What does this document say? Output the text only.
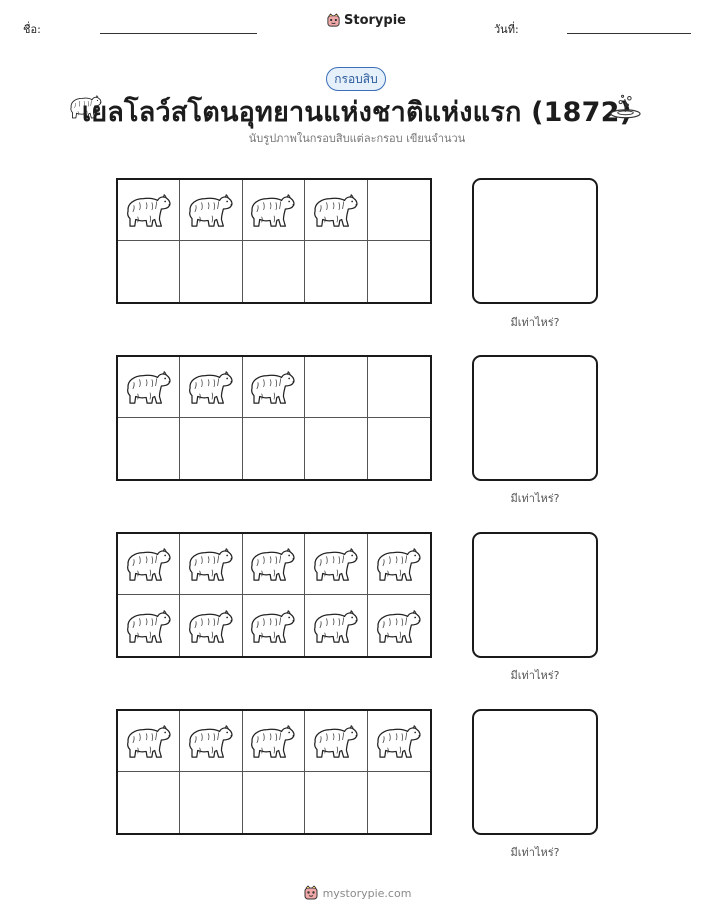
ชื่อ:
Storypie
วันที่:
กรอบสิบ
เยลโลว์สโตนอุทยานแห่งชาติแห่งแรก (1872)
นับรูปภาพในกรอบสิบแต่ละกรอบ เขียนจำนวน
มีเท่าไหร่?
มีเท่าไหร่?
มีเท่าไหร่?
มีเท่าไหร่?
mystorypie.com
